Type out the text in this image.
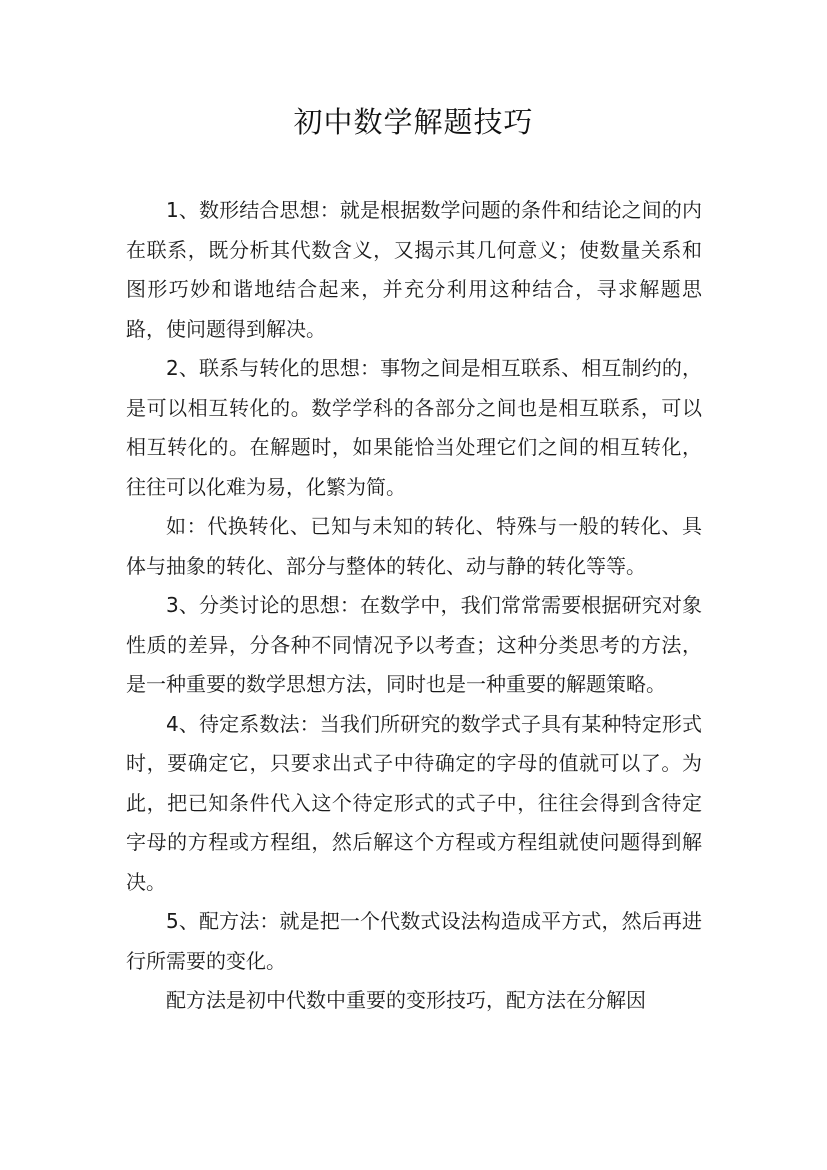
初中数学解题技巧

1、数形结合思想：就是根据数学问题的条件和结论之间的内在联系，既分析其代数含义，又揭示其几何意义；使数量关系和图形巧妙和谐地结合起来，并充分利用这种结合，寻求解题思路，使问题得到解决。

2、联系与转化的思想：事物之间是相互联系、相互制约的，是可以相互转化的。数学学科的各部分之间也是相互联系，可以相互转化的。在解题时，如果能恰当处理它们之间的相互转化，往往可以化难为易，化繁为简。

如：代换转化、已知与未知的转化、特殊与一般的转化、具体与抽象的转化、部分与整体的转化、动与静的转化等等。

3、分类讨论的思想：在数学中，我们常常需要根据研究对象性质的差异，分各种不同情况予以考查；这种分类思考的方法，是一种重要的数学思想方法，同时也是一种重要的解题策略。

4、待定系数法：当我们所研究的数学式子具有某种特定形式时，要确定它，只要求出式子中待确定的字母的值就可以了。为此，把已知条件代入这个待定形式的式子中，往往会得到含待定字母的方程或方程组，然后解这个方程或方程组就使问题得到解决。

5、配方法：就是把一个代数式设法构造成平方式，然后再进行所需要的变化。

配方法是初中代数中重要的变形技巧，配方法在分解因
